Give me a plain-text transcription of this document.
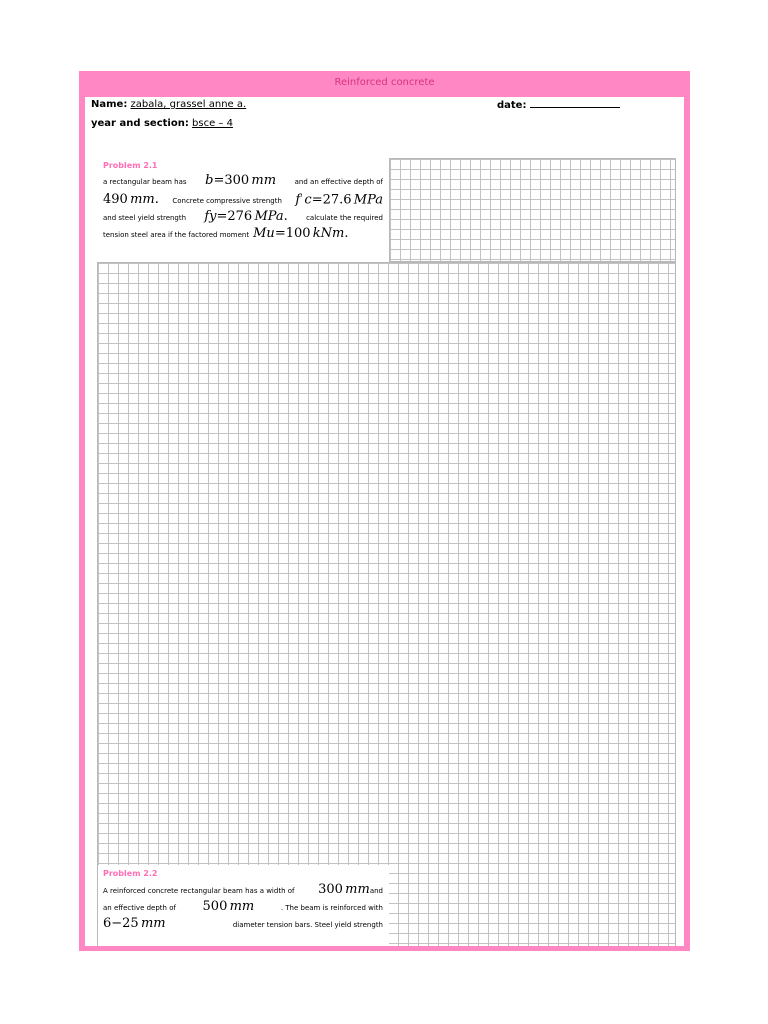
Reinforced concrete
Name: zabala, grassel anne a.	date:
year and section: bsce – 4
Problem 2.1
a rectangular beam has b=300 mm	and an effective depth of
490 mm. Concrete compressive strength f' c=27.6 MPa
and steel yield strength fy=276 MPa.	calculate the required
tension steel area if the factored moment Mu=100 kNm.
Problem 2.2
A reinforced concrete rectangular beam has a width of 300 mmand
an effective depth of 500 mm	. The beam is reinforced with
6−25 mm	diameter tension bars. Steel yield strength
